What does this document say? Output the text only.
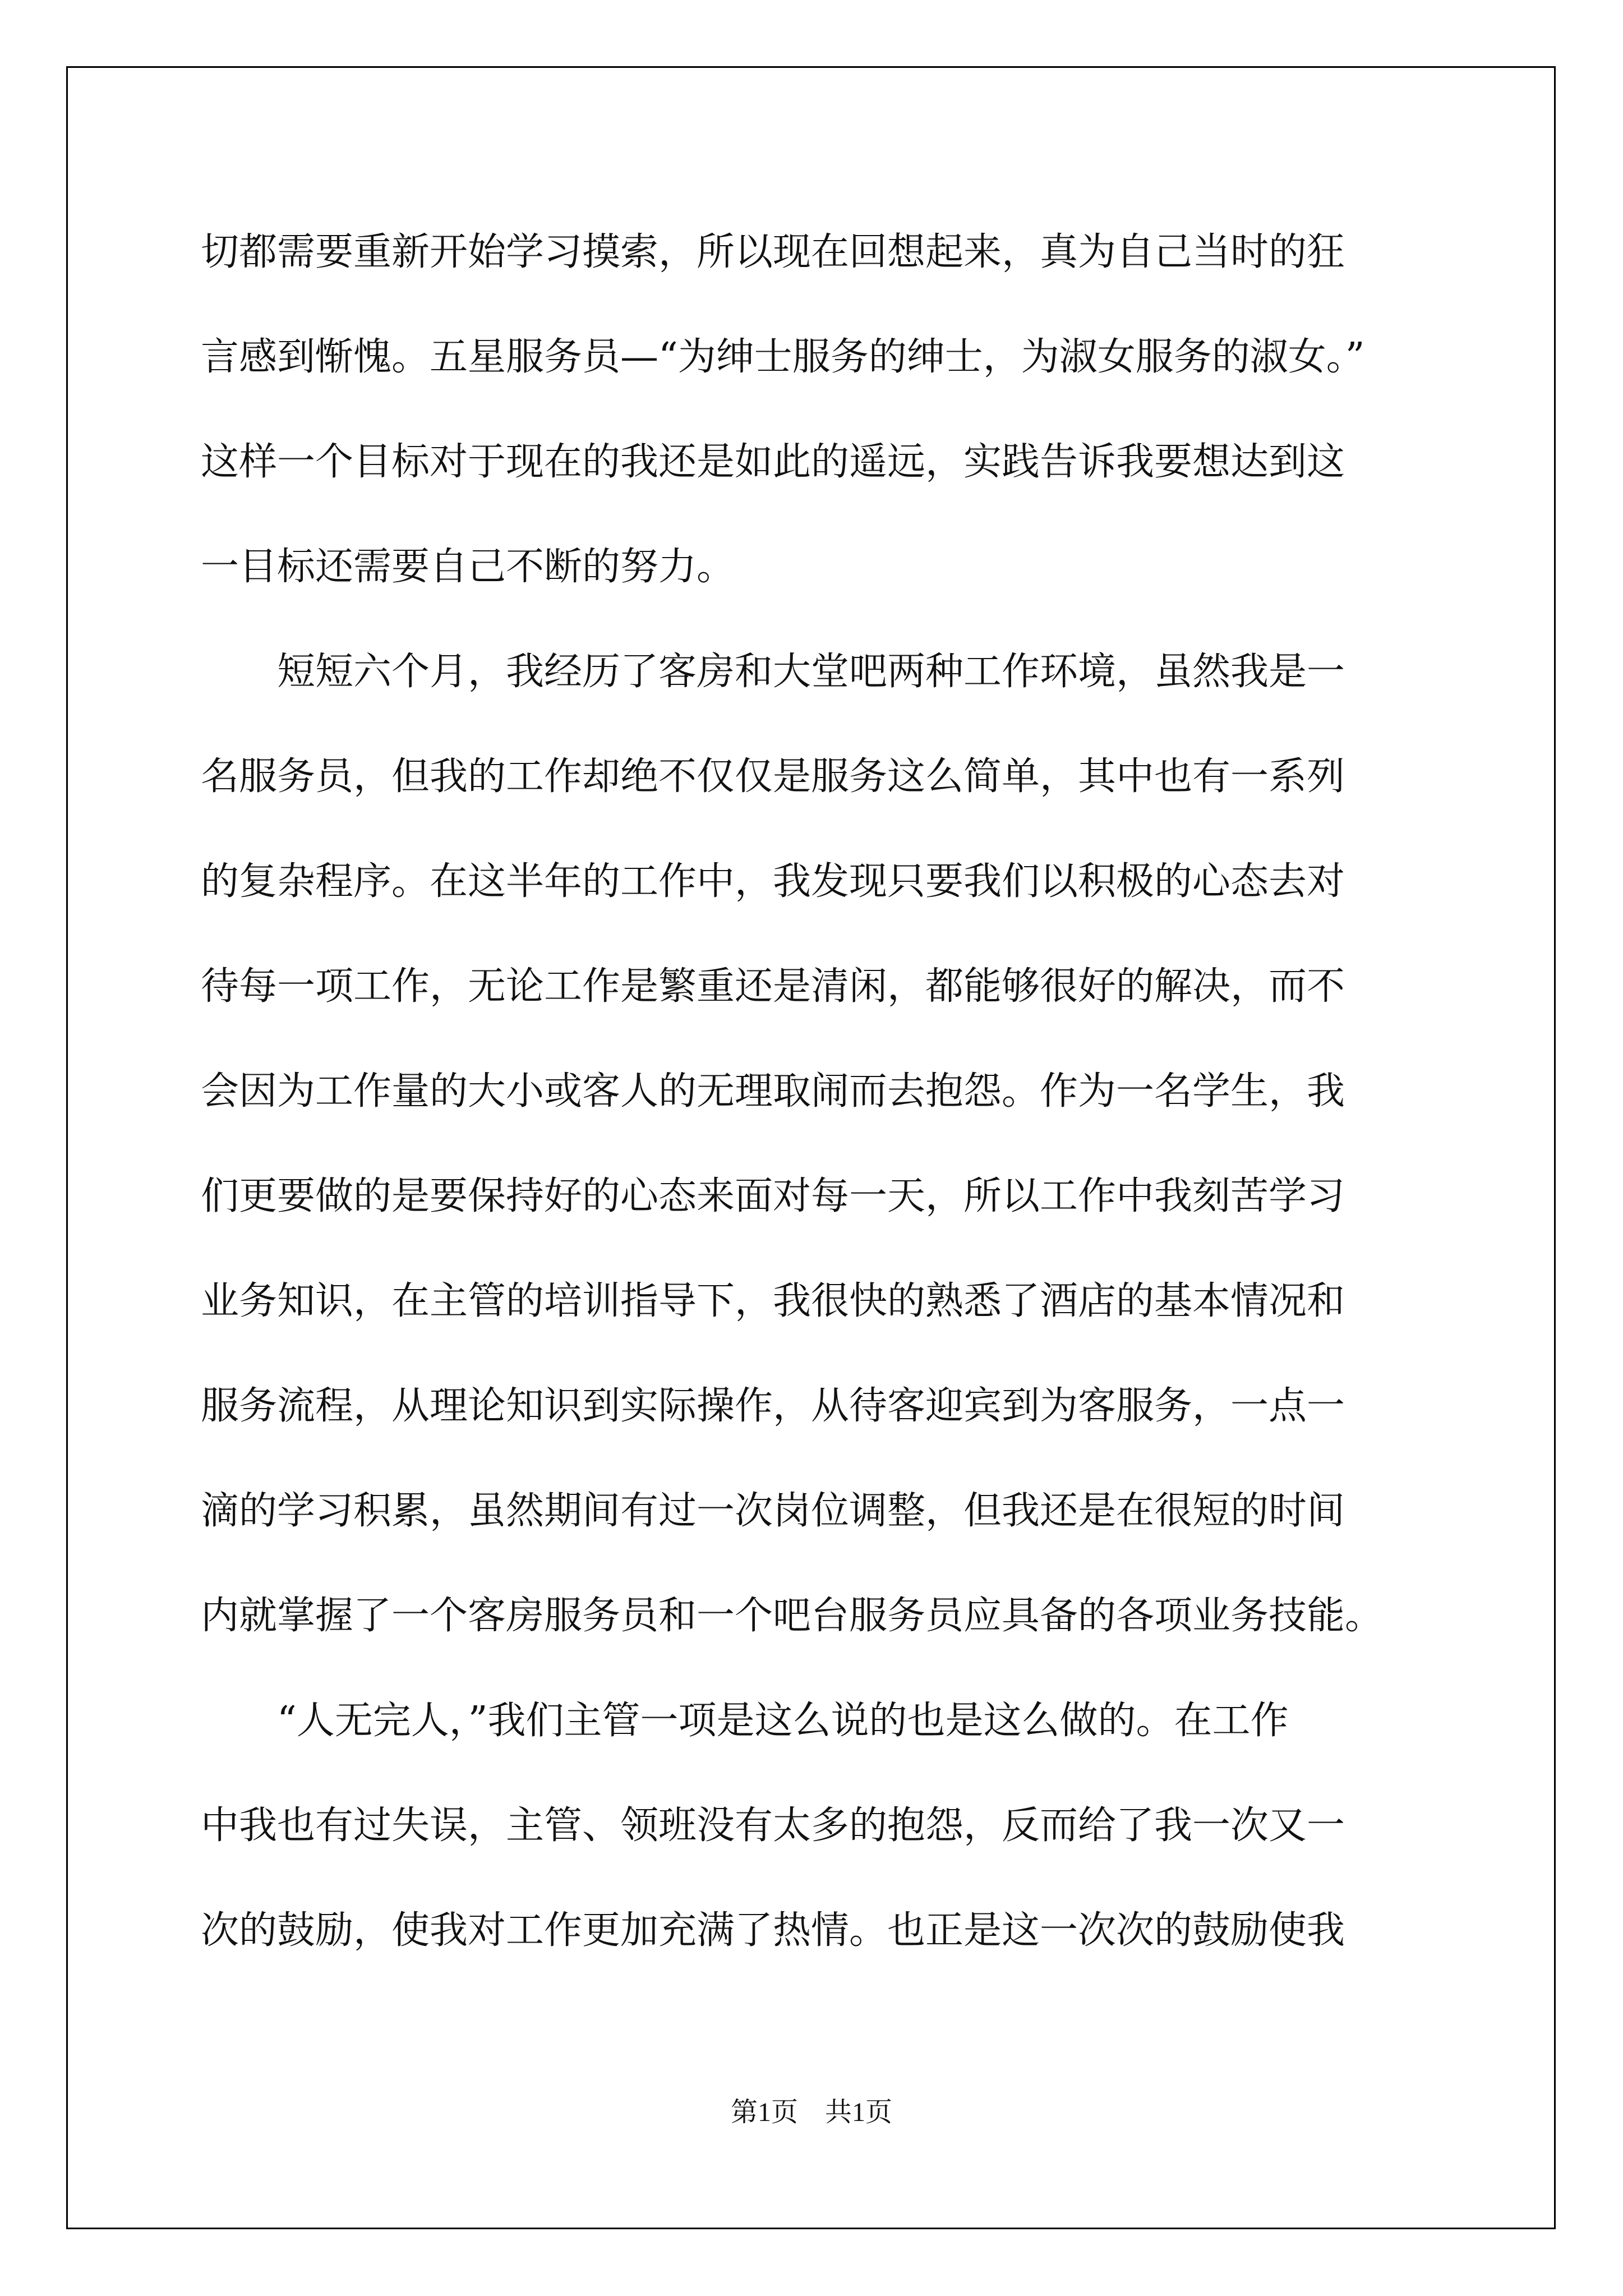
切都需要重新开始学习摸索，所以现在回想起来，真为自己当时的狂
言感到惭愧。五星服务员—“为绅士服务的绅士，为淑女服务的淑女。”
这样一个目标对于现在的我还是如此的遥远，实践告诉我要想达到这
一目标还需要自己不断的努力。
　　短短六个月，我经历了客房和大堂吧两种工作环境，虽然我是一
名服务员，但我的工作却绝不仅仅是服务这么简单，其中也有一系列
的复杂程序。在这半年的工作中，我发现只要我们以积极的心态去对
待每一项工作，无论工作是繁重还是清闲，都能够很好的解决，而不
会因为工作量的大小或客人的无理取闹而去抱怨。作为一名学生，我
们更要做的是要保持好的心态来面对每一天，所以工作中我刻苦学习
业务知识，在主管的培训指导下，我很快的熟悉了酒店的基本情况和
服务流程，从理论知识到实际操作，从待客迎宾到为客服务，一点一
滴的学习积累，虽然期间有过一次岗位调整，但我还是在很短的时间
内就掌握了一个客房服务员和一个吧台服务员应具备的各项业务技能。
　　“人无完人，”我们主管一项是这么说的也是这么做的。在工作
中我也有过失误，主管、领班没有太多的抱怨，反而给了我一次又一
次的鼓励，使我对工作更加充满了热情。也正是这一次次的鼓励使我
第1页　共1页
